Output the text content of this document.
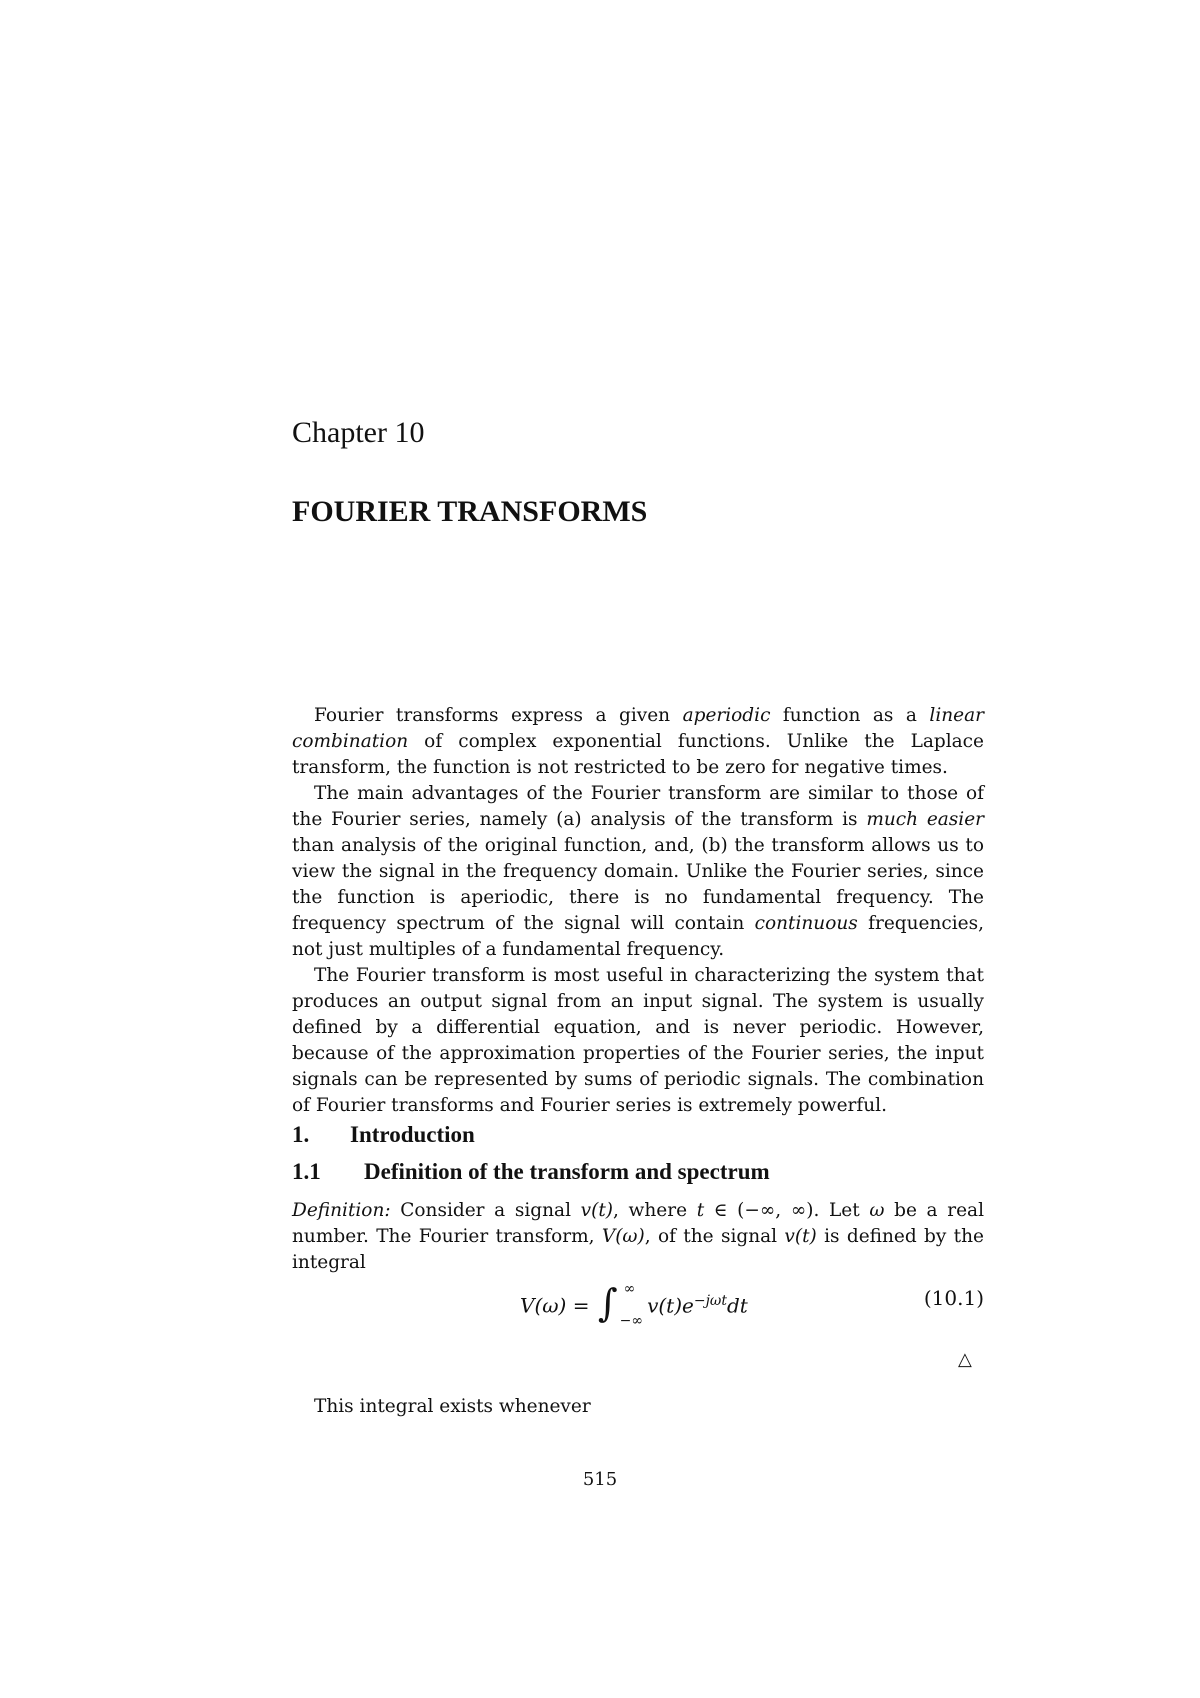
Chapter 10
FOURIER TRANSFORMS

Fourier transforms express a given aperiodic function as a linear combination of complex exponential functions. Unlike the Laplace transform, the function is not restricted to be zero for negative times.

The main advantages of the Fourier transform are similar to those of the Fourier series, namely (a) analysis of the transform is much easier than analysis of the original function, and, (b) the transform allows us to view the signal in the frequency domain. Unlike the Fourier series, since the function is aperiodic, there is no fundamental frequency. The frequency spectrum of the signal will contain continuous frequencies, not just multiples of a fundamental frequency.

The Fourier transform is most useful in characterizing the system that produces an output signal from an input signal. The system is usually defined by a differential equation, and is never periodic. However, because of the approximation properties of the Fourier series, the input signals can be represented by sums of periodic signals. The combination of Fourier transforms and Fourier series is extremely powerful.

1. Introduction
1.1 Definition of the transform and spectrum

Definition: Consider a signal v(t), where t ∈ (−∞, ∞). Let ω be a real number. The Fourier transform, V(ω), of the signal v(t) is defined by the integral

V(ω) = ∫ ∞
−∞
$v(t)e^{-j\omega t}dt$	(10.1)
△

This integral exists whenever

515
